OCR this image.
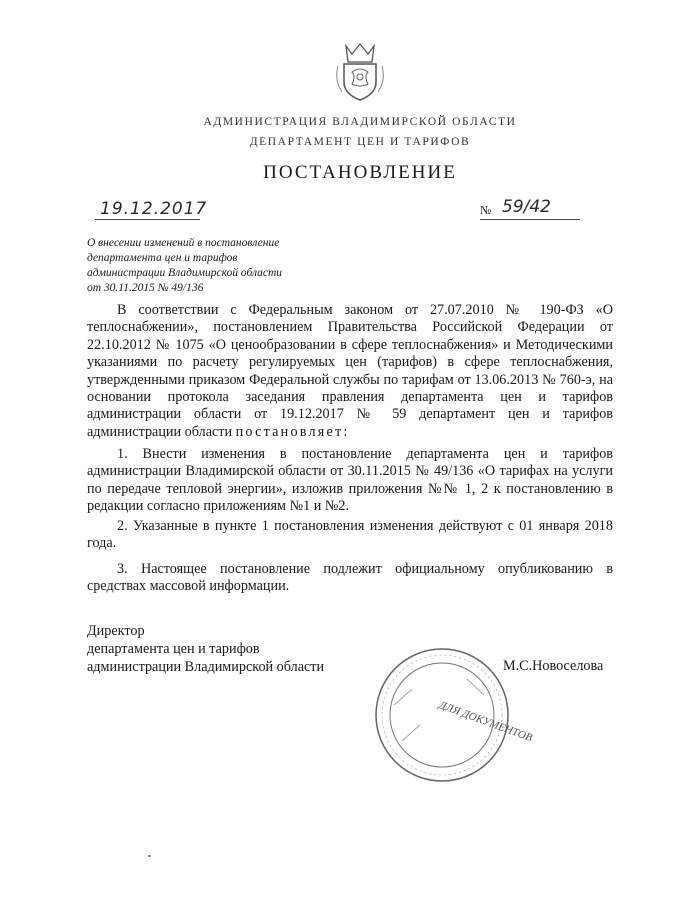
АДМИНИСТРАЦИЯ ВЛАДИМИРСКОЙ ОБЛАСТИ
ДЕПАРТАМЕНТ ЦЕН И ТАРИФОВ
ПОСТАНОВЛЕНИЕ
19.12.2017	№ 59/42
О внесении изменений в постановление
департамента цен и тарифов
администрации Владимирской области
от 30.11.2015 № 49/136
В соответствии с Федеральным законом от 27.07.2010 № 190-ФЗ «О теплоснабжении», постановлением Правительства Российской Федерации от 22.10.2012 № 1075 «О ценообразовании в сфере теплоснабжения» и Методическими указаниями по расчету регулируемых цен (тарифов) в сфере теплоснабжения, утвержденными приказом Федеральной службы по тарифам от 13.06.2013 № 760-э, на основании протокола заседания правления департамента цен и тарифов администрации области от 19.12.2017 № 59 департамент цен и тарифов администрации области постановляет:
1. Внести изменения в постановление департамента цен и тарифов администрации Владимирской области от 30.11.2015 № 49/136 «О тарифах на услуги по передаче тепловой энергии», изложив приложения №№ 1, 2 к постановлению в редакции согласно приложениям №1 и №2.
2. Указанные в пункте 1 постановления изменения действуют с 01 января 2018 года.
3. Настоящее постановление подлежит официальному опубликованию в средствах массовой информации.
Директор
департамента цен и тарифов
администрации Владимирской области
ДЛЯ ДОКУМЕНТОВ
М.С.Новоселова
